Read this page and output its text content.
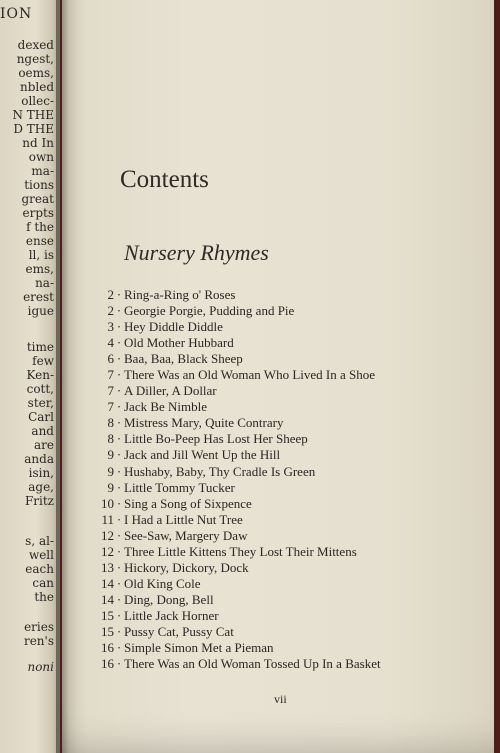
ION
dexed
ngest,
oems,
nbled
ollec-
N THE
D THE
nd In
own
ma-
tions
great
erpts
f the
ense
ll, is
ems,
na-
erest
igue
time
few
Ken-
cott,
ster,
Carl
and
are
anda
isin,
age,
Fritz
s, al-
well
each
can
the
eries
ren's
noni
Contents
Nursery Rhymes
2 · Ring-a-Ring o' Roses
2 · Georgie Porgie, Pudding and Pie
3 · Hey Diddle Diddle
4 · Old Mother Hubbard
6 · Baa, Baa, Black Sheep
7 · There Was an Old Woman Who Lived In a Shoe
7 · A Diller, A Dollar
7 · Jack Be Nimble
8 · Mistress Mary, Quite Contrary
8 · Little Bo-Peep Has Lost Her Sheep
9 · Jack and Jill Went Up the Hill
9 · Hushaby, Baby, Thy Cradle Is Green
9 · Little Tommy Tucker
10 · Sing a Song of Sixpence
11 · I Had a Little Nut Tree
12 · See-Saw, Margery Daw
12 · Three Little Kittens They Lost Their Mittens
13 · Hickory, Dickory, Dock
14 · Old King Cole
14 · Ding, Dong, Bell
15 · Little Jack Horner
15 · Pussy Cat, Pussy Cat
16 · Simple Simon Met a Pieman
16 · There Was an Old Woman Tossed Up In a Basket
vii
